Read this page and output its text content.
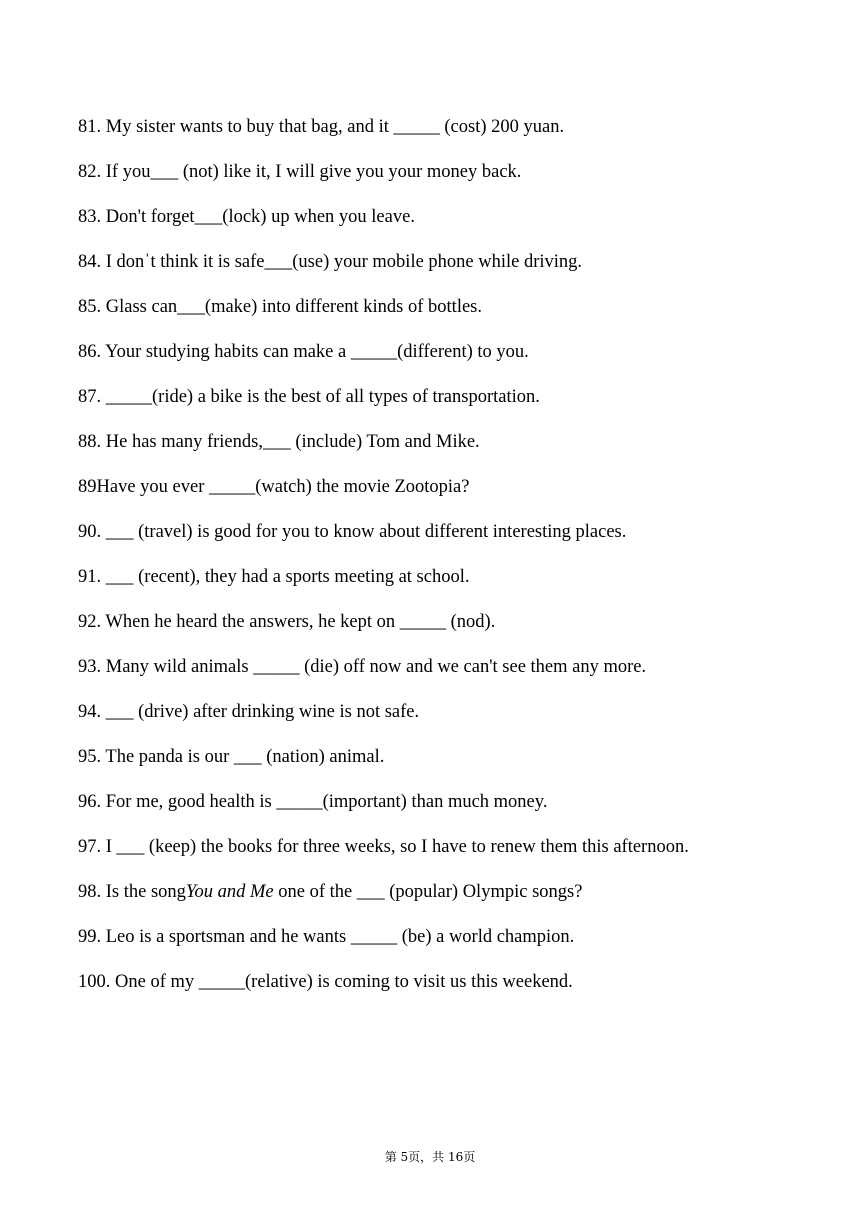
81. My sister wants to buy that bag, and it _____ (cost) 200 yuan.
82. If you___ (not) like it, I will give you your money back.
83. Don't forget___(lock) up when you leave.
84. I donˈt think it is safe___(use) your mobile phone while driving.
85. Glass can___(make) into different kinds of bottles.
86. Your studying habits can make a _____(different) to you.
87. _____(ride) a bike is the best of all types of transportation.
88. He has many friends,___ (include) Tom and Mike.
89Have you ever _____(watch) the movie Zootopia?
90. ___ (travel) is good for you to know about different interesting places.
91. ___ (recent), they had a sports meeting at school.
92. When he heard the answers, he kept on _____ (nod).
93. Many wild animals _____ (die) off now and we can't see them any more.
94. ___ (drive) after drinking wine is not safe.
95. The panda is our ___ (nation) animal.
96. For me, good health is _____(important) than much money.
97. I ___ (keep) the books for three weeks, so I have to renew them this afternoon.
98. Is the songYou and Me one of the ___ (popular) Olympic songs?
99. Leo is a sportsman and he wants _____ (be) a world champion.
100. One of my _____(relative) is coming to visit us this weekend.
第 5页，共 16页
